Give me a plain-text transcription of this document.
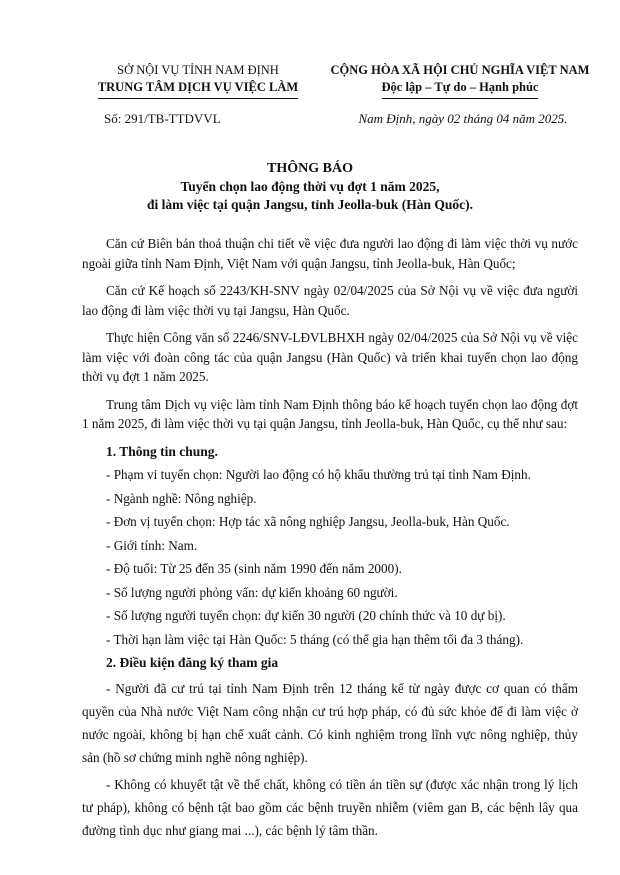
SỞ NỘI VỤ TỈNH NAM ĐỊNH
TRUNG TÂM DỊCH VỤ VIỆC LÀM
CỘNG HÒA XÃ HỘI CHỦ NGHĨA VIỆT NAM
Độc lập – Tự do – Hạnh phúc
Số: 291/TB-TTDVVL	Nam Định, ngày 02 tháng 04 năm 2025.
THÔNG BÁO
Tuyển chọn lao động thời vụ đợt 1 năm 2025,
đi làm việc tại quận Jangsu, tỉnh Jeolla-buk (Hàn Quốc).

Căn cứ Biên bản thoả thuận chi tiết về việc đưa người lao động đi làm việc thời vụ nước ngoài giữa tỉnh Nam Định, Việt Nam với quận Jangsu, tỉnh Jeolla-buk, Hàn Quốc;

Căn cứ Kế hoạch số 2243/KH-SNV ngày 02/04/2025 của Sở Nội vụ về việc đưa người lao động đi làm việc thời vụ tại Jangsu, Hàn Quốc.

Thực hiện Công văn số 2246/SNV-LĐVLBHXH ngày 02/04/2025 của Sở Nội vụ về việc làm việc với đoàn công tác của quận Jangsu (Hàn Quốc) và triển khai tuyển chọn lao động thời vụ đợt 1 năm 2025.

Trung tâm Dịch vụ việc làm tỉnh Nam Định thông báo kế hoạch tuyển chọn lao động đợt 1 năm 2025, đi làm việc thời vụ tại quận Jangsu, tỉnh Jeolla-buk, Hàn Quốc, cụ thể như sau:

1. Thông tin chung.
- Phạm vi tuyển chọn: Người lao động có hộ khẩu thường trú tại tỉnh Nam Định.
- Ngành nghề: Nông nghiệp.
- Đơn vị tuyển chọn: Hợp tác xã nông nghiệp Jangsu, Jeolla-buk, Hàn Quốc.
- Giới tính: Nam.
- Độ tuổi: Từ 25 đến 35 (sinh năm 1990 đến năm 2000).
- Số lượng người phỏng vấn: dự kiến khoảng 60 người.
- Số lượng người tuyển chọn: dự kiến 30 người (20 chính thức và 10 dự bị).
- Thời hạn làm việc tại Hàn Quốc: 5 tháng (có thể gia hạn thêm tối đa 3 tháng).
2. Điều kiện đăng ký tham gia

- Người đã cư trú tại tỉnh Nam Định trên 12 tháng kể từ ngày được cơ quan có thẩm quyền của Nhà nước Việt Nam công nhận cư trú hợp pháp, có đủ sức khỏe để đi làm việc ở nước ngoài, không bị hạn chế xuất cảnh. Có kinh nghiệm trong lĩnh vực nông nghiệp, thủy sản (hồ sơ chứng minh nghề nông nghiệp).

- Không có khuyết tật về thể chất, không có tiền án tiền sự (được xác nhận trong lý lịch tư pháp), không có bệnh tật bao gồm các bệnh truyền nhiễm (viêm gan B, các bệnh lây qua đường tình dục như giang mai ...), các bệnh lý tâm thần.
